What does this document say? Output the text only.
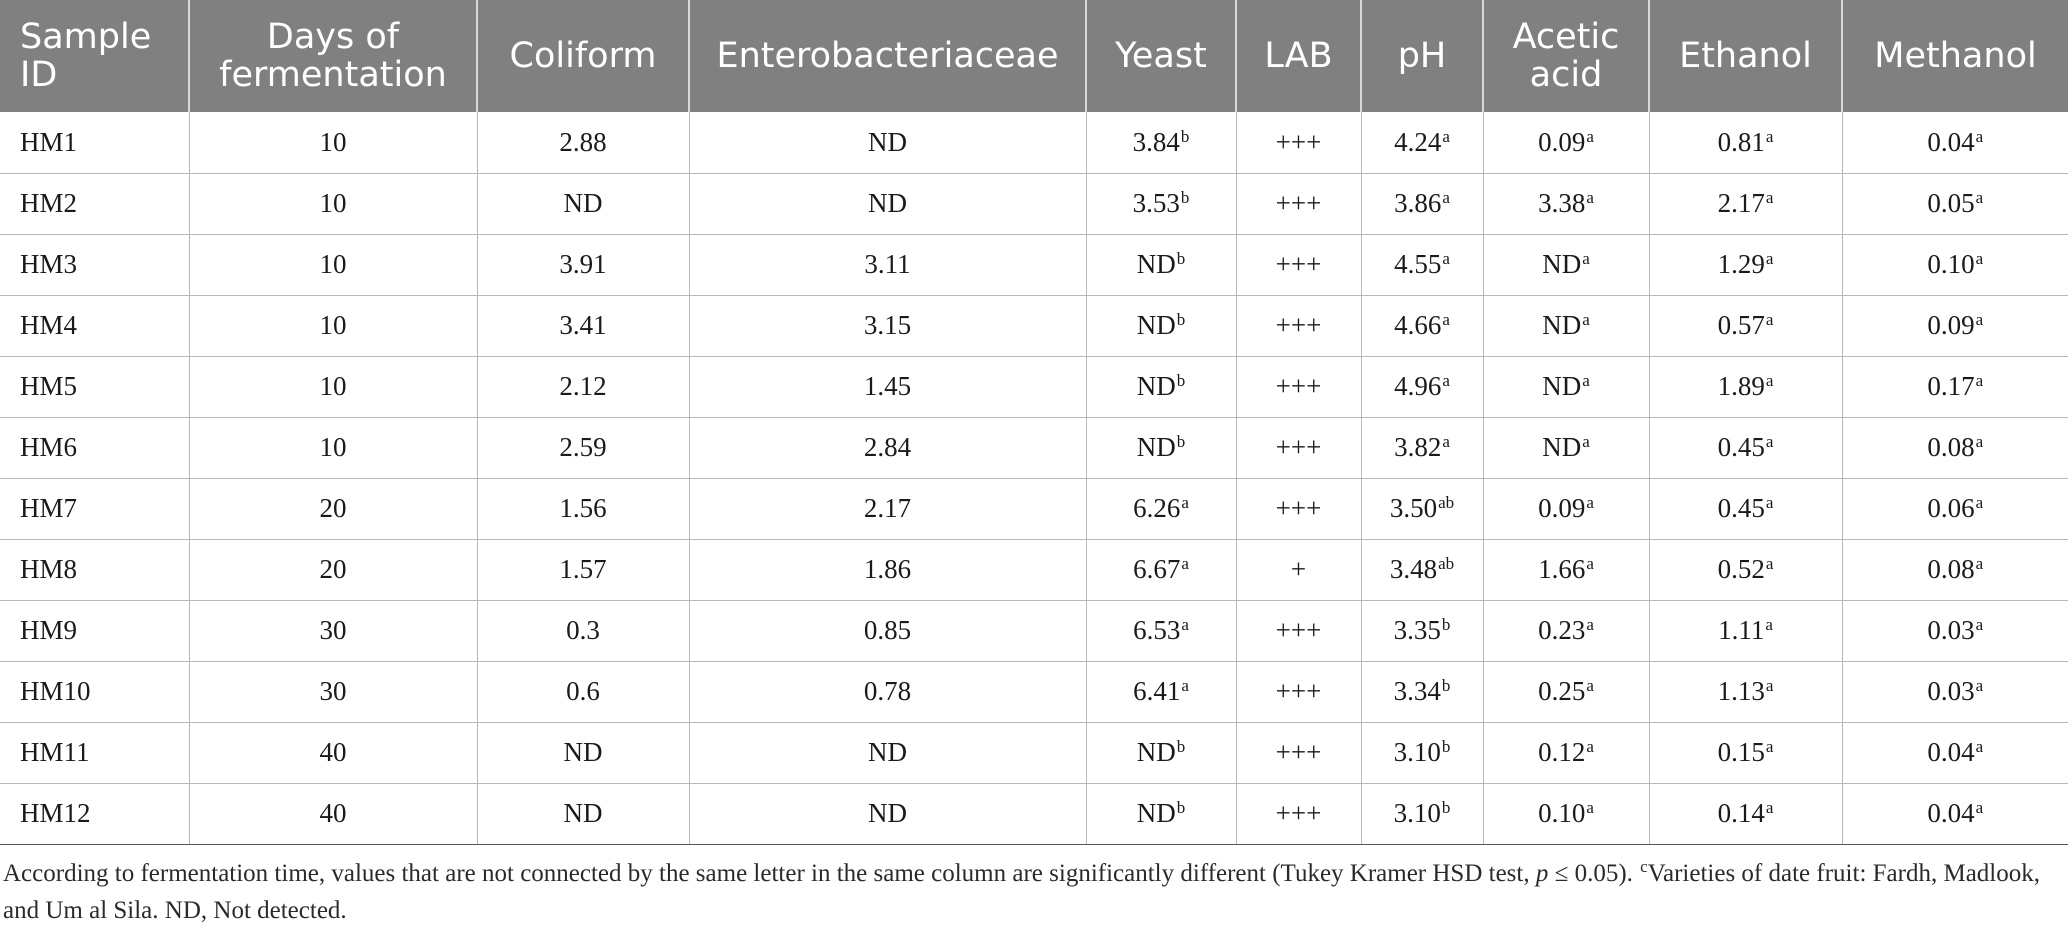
Sample ID	Days of fermentation	Coliform	Enterobacteriaceae	Yeast	LAB	pH	Acetic acid	Ethanol	Methanol
HM1	10	2.88	ND	3.84$^b$	+++	4.24$^a$	0.09$^a$	0.81$^a$	0.04$^a$
HM2	10	ND	ND	3.53$^b$	+++	3.86$^a$	3.38$^a$	2.17$^a$	0.05$^a$
HM3	10	3.91	3.11	$ND^b$	+++	4.55$^a$	$ND^a$	1.29$^a$	0.10$^a$
HM4	10	3.41	3.15	$ND^b$	+++	4.66$^a$	$ND^a$	0.57$^a$	0.09$^a$
HM5	10	2.12	1.45	$ND^b$	+++	4.96$^a$	$ND^a$	1.89$^a$	0.17$^a$
HM6	10	2.59	2.84	$ND^b$	+++	3.82$^a$	$ND^a$	0.45$^a$	0.08$^a$
HM7	20	1.56	2.17	6.26$^a$	+++	3.50$^{ab}$	0.09$^a$	0.45$^a$	0.06$^a$
HM8	20	1.57	1.86	6.67$^a$	+	3.48$^{ab}$	1.66$^a$	0.52$^a$	0.08$^a$
HM9	30	0.3	0.85	6.53$^a$	+++	3.35$^b$	0.23$^a$	1.11$^a$	0.03$^a$
HM10	30	0.6	0.78	6.41$^a$	+++	3.34$^b$	0.25$^a$	1.13$^a$	0.03$^a$
HM11	40	ND	ND	$ND^b$	+++	3.10$^b$	0.12$^a$	0.15$^a$	0.04$^a$
HM12	40	ND	ND	$ND^b$	+++	3.10$^b$	0.10$^a$	0.14$^a$	0.04$^a$
According to fermentation time, values that are not connected by the same letter in the same column are significantly different (Tukey Kramer HSD test, p ≤ 0.05). $^c$Varieties of date fruit: Fardh, Madlook, and Um al Sila. ND, Not detected.
